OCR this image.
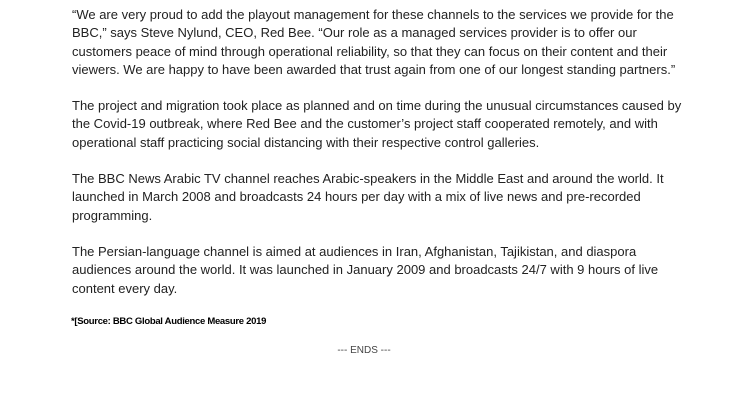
“We are very proud to add the playout management for these channels to the services we provide for the BBC,” says Steve Nylund, CEO, Red Bee. “Our role as a managed services provider is to offer our customers peace of mind through operational reliability, so that they can focus on their content and their viewers. We are happy to have been awarded that trust again from one of our longest standing partners.”

The project and migration took place as planned and on time during the unusual circumstances caused by the Covid-19 outbreak, where Red Bee and the customer’s project staff cooperated remotely, and with operational staff practicing social distancing with their respective control galleries.

The BBC News Arabic TV channel reaches Arabic-speakers in the Middle East and around the world. It launched in March 2008 and broadcasts 24 hours per day with a mix of live news and pre-recorded programming.

The Persian-language channel is aimed at audiences in Iran, Afghanistan, Tajikistan, and diaspora audiences around the world. It was launched in January 2009 and broadcasts 24/7 with 9 hours of live content every day.

*[Source: BBC Global Audience Measure 2019
--- ENDS ---
